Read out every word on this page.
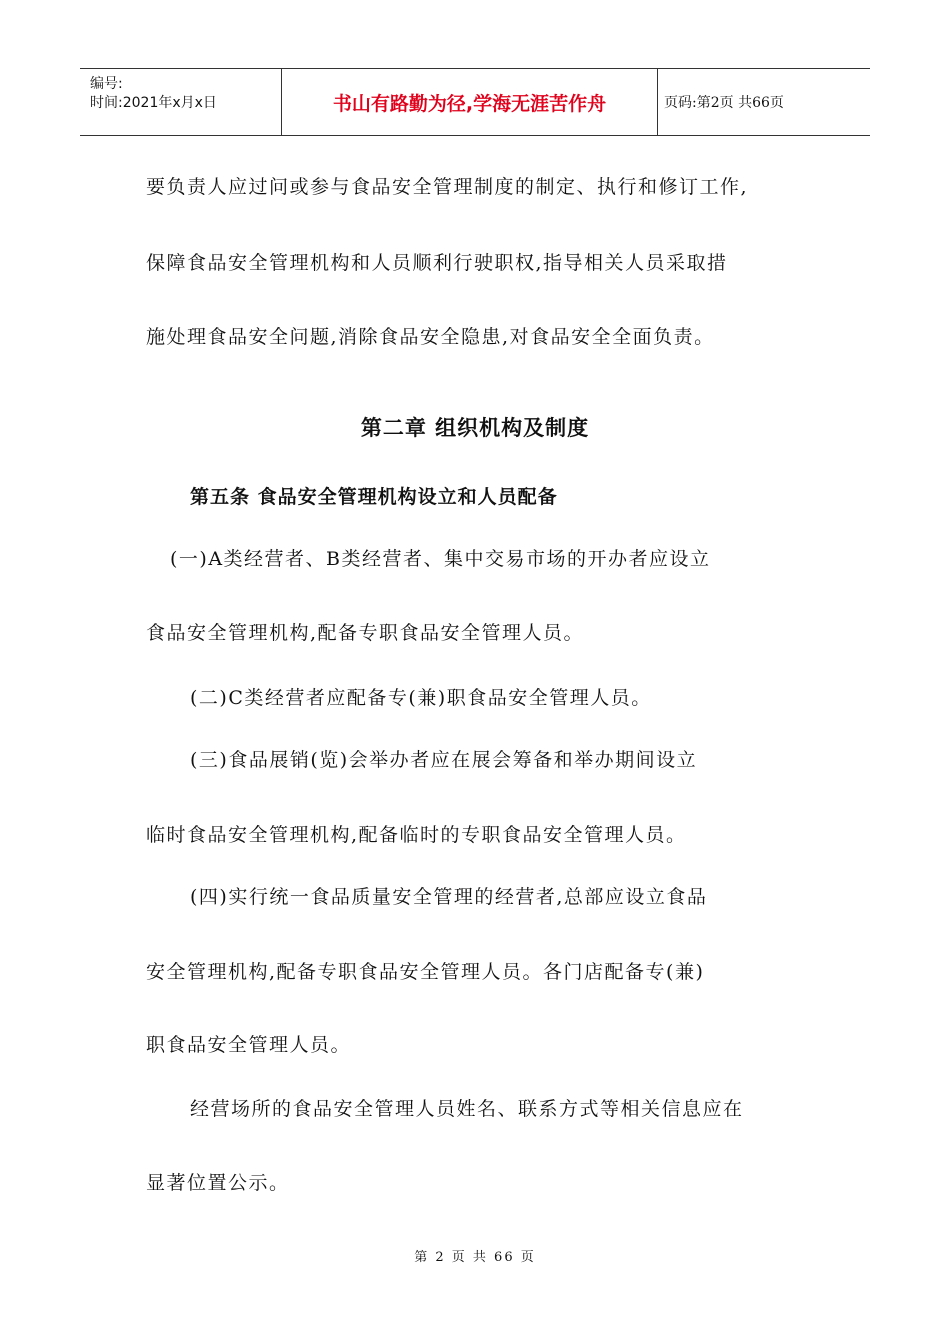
编号:
时间:2021年x月x日	书山有路勤为径,学海无涯苦作舟	页码:第2页 共66页
要负责人应过问或参与食品安全管理制度的制定、执行和修订工作,
保障食品安全管理机构和人员顺利行驶职权,指导相关人员采取措
施处理食品安全问题,消除食品安全隐患,对食品安全全面负责。
第二章 组织机构及制度
第五条 食品安全管理机构设立和人员配备
(一)A类经营者、B类经营者、集中交易市场的开办者应设立
食品安全管理机构,配备专职食品安全管理人员。
(二)C类经营者应配备专(兼)职食品安全管理人员。
(三)食品展销(览)会举办者应在展会筹备和举办期间设立
临时食品安全管理机构,配备临时的专职食品安全管理人员。
(四)实行统一食品质量安全管理的经营者,总部应设立食品
安全管理机构,配备专职食品安全管理人员。各门店配备专(兼)
职食品安全管理人员。
经营场所的食品安全管理人员姓名、联系方式等相关信息应在
显著位置公示。
第 2 页 共 66 页
